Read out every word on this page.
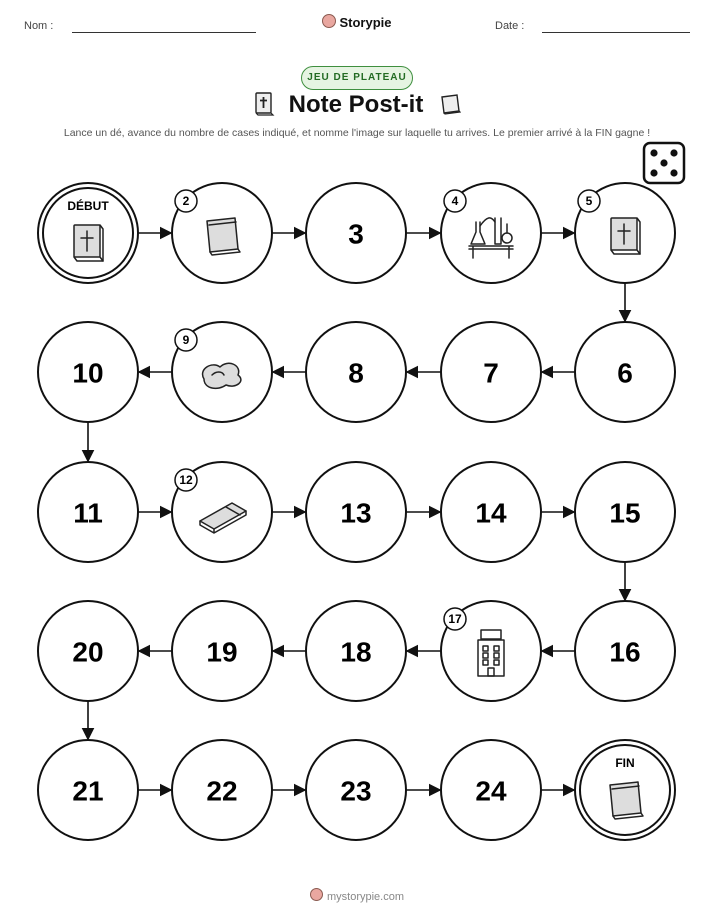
Nom :	Storypie	Date :
JEU DE PLATEAU
Note Post-it
Lance un dé, avance du nombre de cases indiqué, et nomme l'image sur laquelle tu arrives. Le premier arrivé à la FIN gagne !
DÉBUT	2
3
4	5
6
7
8
9
10
11
12
13	14	15
16
17
18
19
20
21	22	23	24
FIN
mystorypie.com
